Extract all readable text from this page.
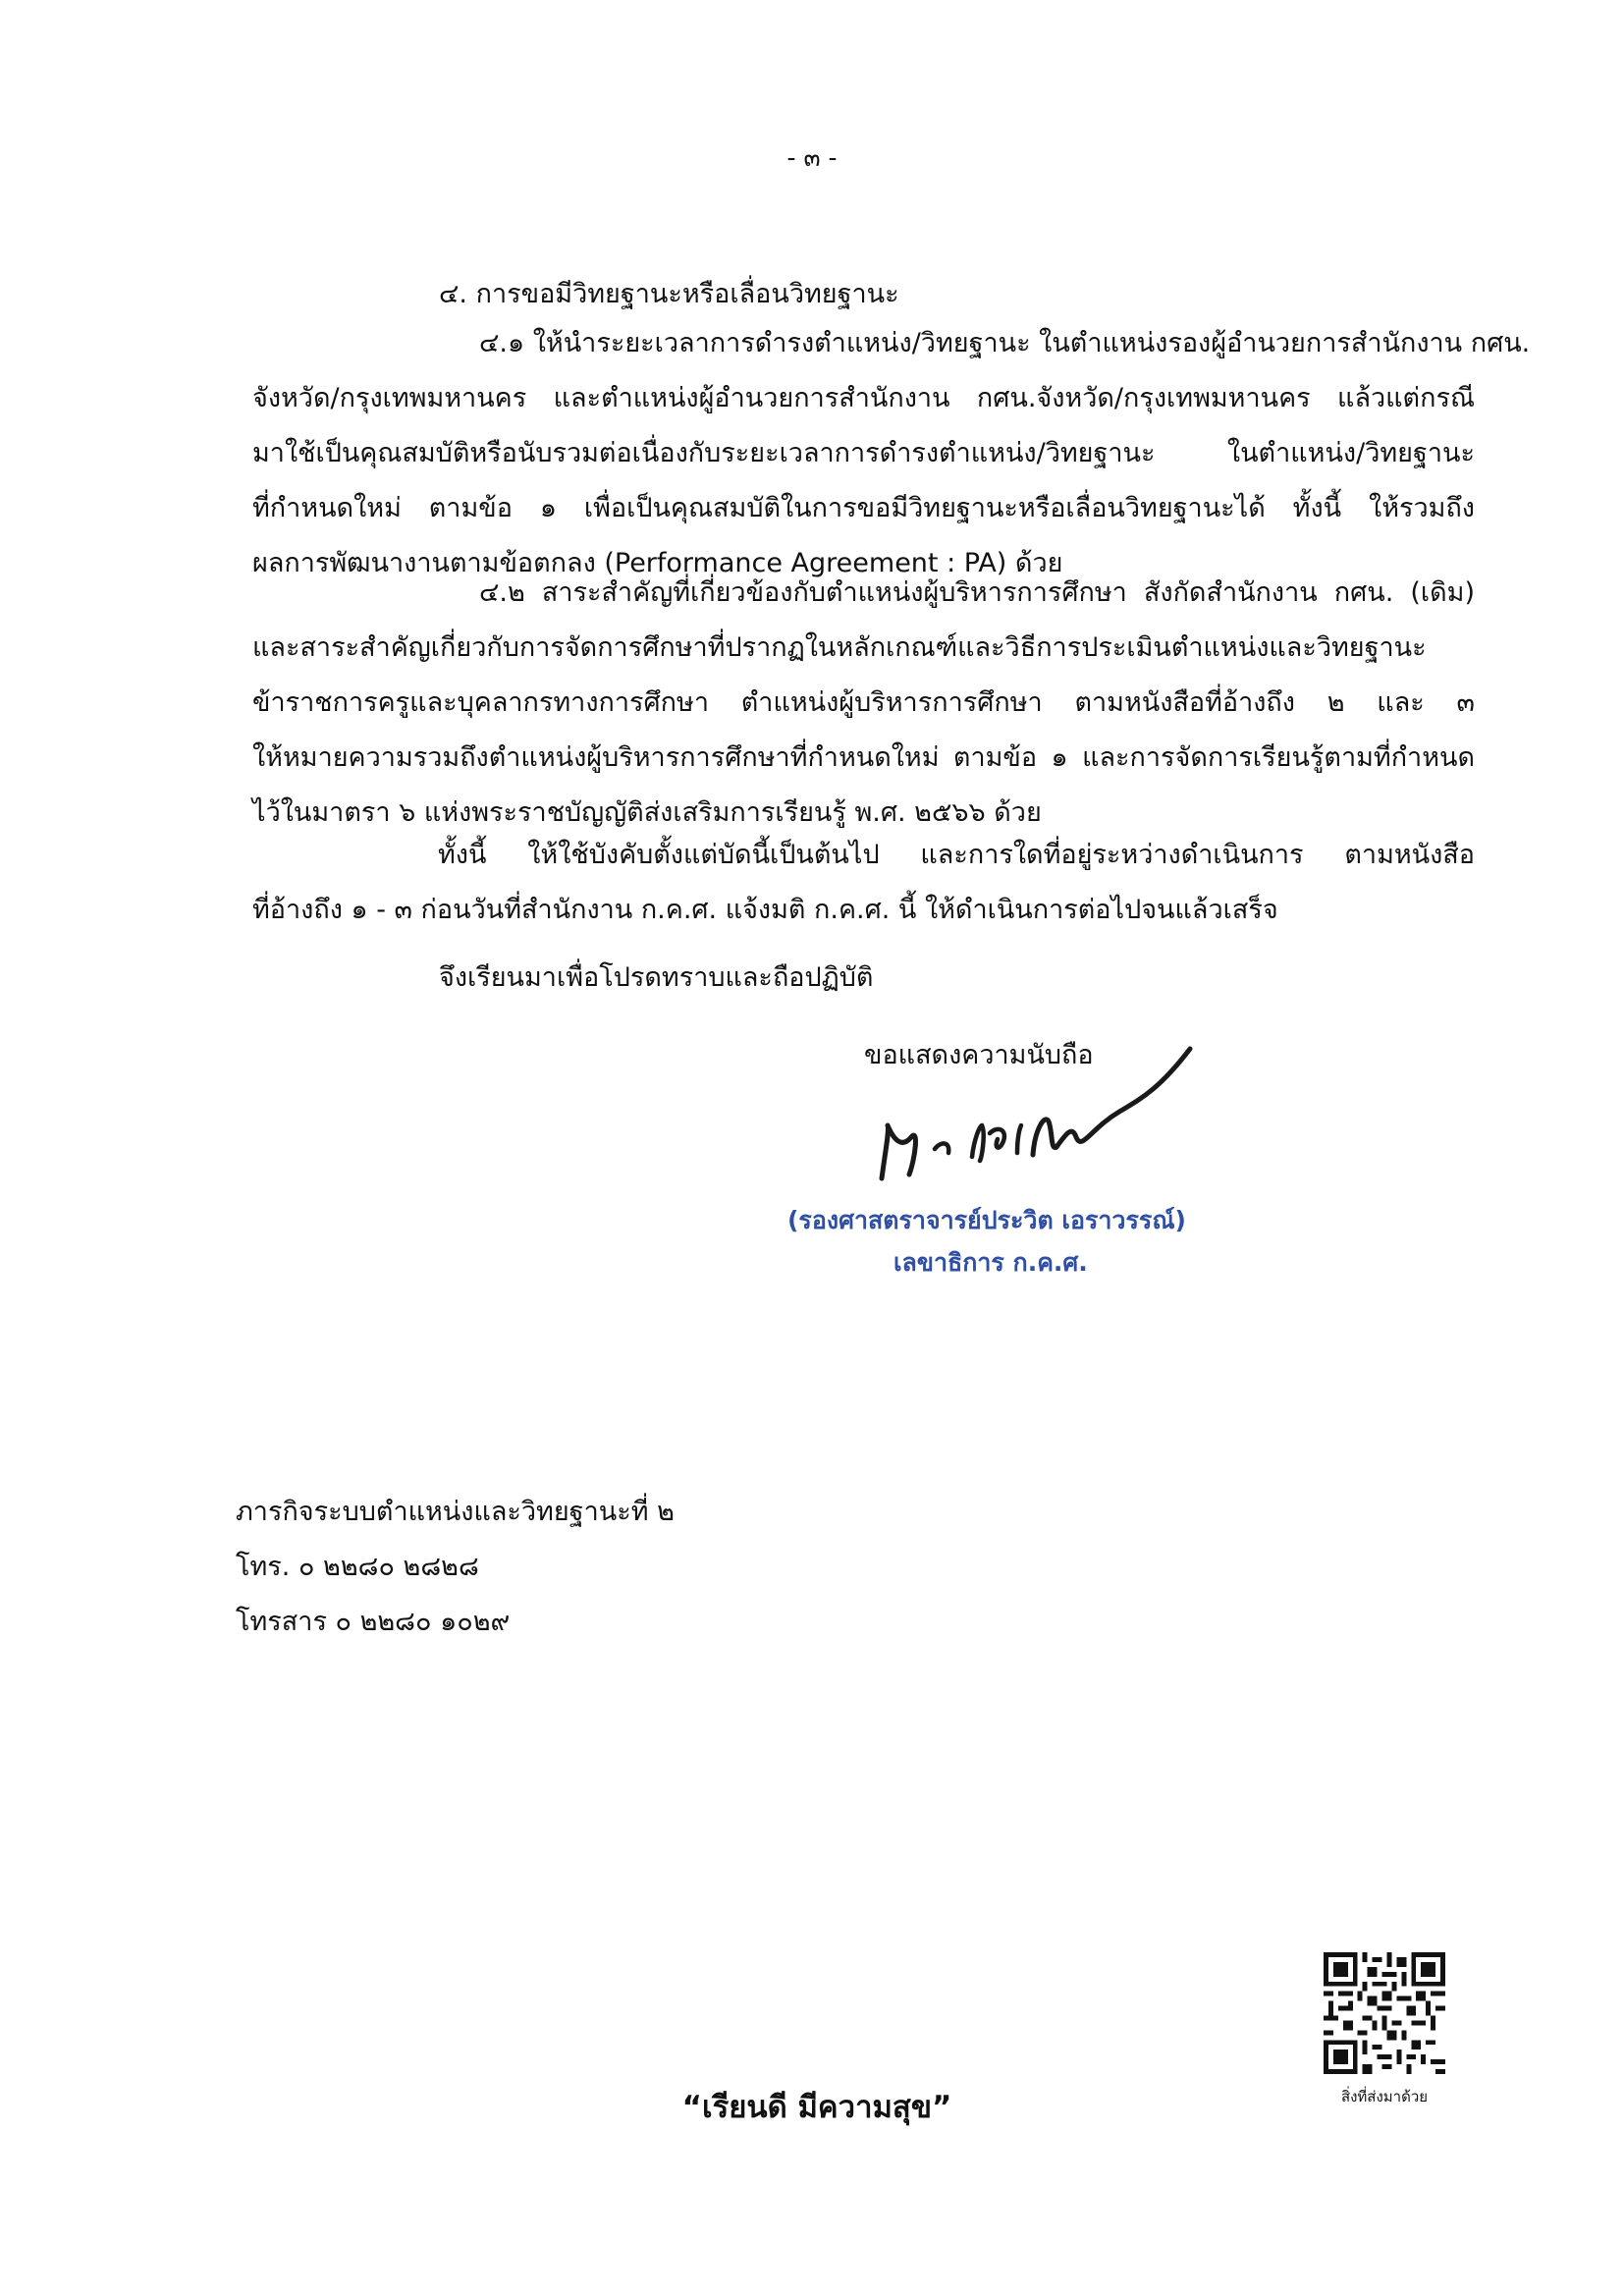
- ๓ -
๔. การขอมีวิทยฐานะหรือเลื่อนวิทยฐานะ
๔.๑ ให้นำระยะเวลาการดำรงตำแหน่ง/วิทยฐานะ ในตำแหน่งรองผู้อำนวยการสำนักงาน กศน.
จังหวัด/กรุงเทพมหานคร และตำแหน่งผู้อำนวยการสำนักงาน กศน.จังหวัด/กรุงเทพมหานคร แล้วแต่กรณี
มาใช้เป็นคุณสมบัติหรือนับรวมต่อเนื่องกับระยะเวลาการดำรงตำแหน่ง/วิทยฐานะ ในตำแหน่ง/วิทยฐานะ
ที่กำหนดใหม่ ตามข้อ ๑ เพื่อเป็นคุณสมบัติในการขอมีวิทยฐานะหรือเลื่อนวิทยฐานะได้ ทั้งนี้ ให้รวมถึง
ผลการพัฒนางานตามข้อตกลง (Performance Agreement : PA) ด้วย
๔.๒ สาระสำคัญที่เกี่ยวข้องกับตำแหน่งผู้บริหารการศึกษา สังกัดสำนักงาน กศน. (เดิม)
และสาระสำคัญเกี่ยวกับการจัดการศึกษาที่ปรากฏในหลักเกณฑ์และวิธีการประเมินตำแหน่งและวิทยฐานะ
ข้าราชการครูและบุคลากรทางการศึกษา ตำแหน่งผู้บริหารการศึกษา ตามหนังสือที่อ้างถึง ๒ และ ๓
ให้หมายความรวมถึงตำแหน่งผู้บริหารการศึกษาที่กำหนดใหม่ ตามข้อ ๑ และการจัดการเรียนรู้ตามที่กำหนด
ไว้ในมาตรา ๖ แห่งพระราชบัญญัติส่งเสริมการเรียนรู้ พ.ศ. ๒๕๖๖ ด้วย
ทั้งนี้ ให้ใช้บังคับตั้งแต่บัดนี้เป็นต้นไป และการใดที่อยู่ระหว่างดำเนินการ ตามหนังสือ
ที่อ้างถึง ๑ - ๓ ก่อนวันที่สำนักงาน ก.ค.ศ. แจ้งมติ ก.ค.ศ. นี้ ให้ดำเนินการต่อไปจนแล้วเสร็จ
จึงเรียนมาเพื่อโปรดทราบและถือปฏิบัติ
ขอแสดงความนับถือ
(รองศาสตราจารย์ประวิต เอราวรรณ์)
เลขาธิการ ก.ค.ศ.
ภารกิจระบบตำแหน่งและวิทยฐานะที่ ๒
โทร. ๐ ๒๒๘๐ ๒๘๒๘
โทรสาร ๐ ๒๒๘๐ ๑๐๒๙
“เรียนดี มีความสุข”	สิ่งที่ส่งมาด้วย
